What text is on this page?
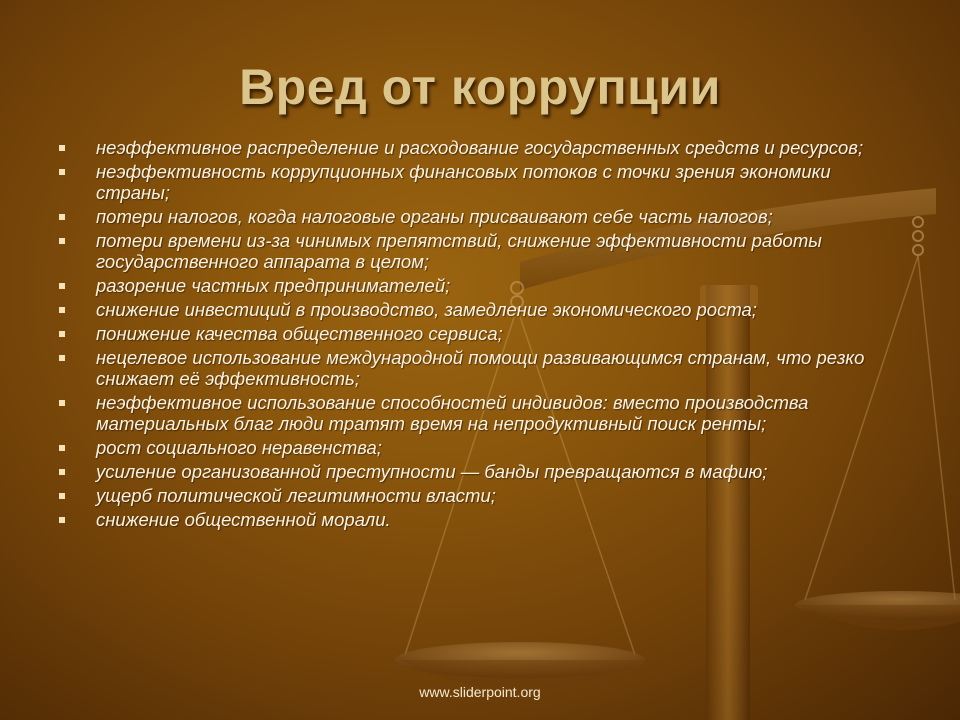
Вред от коррупции
неэффективное распределение и расходование государственных средств и ресурсов;
неэффективность коррупционных финансовых потоков с точки зрения экономики страны;
потери налогов, когда налоговые органы присваивают себе часть налогов;
потери времени из-за чинимых препятствий, снижение эффективности работы государственного аппарата в целом;
разорение частных предпринимателей;
снижение инвестиций в производство, замедление экономического роста;
понижение качества общественного сервиса;
нецелевое использование международной помощи развивающимся странам, что резко снижает её эффективность;
неэффективное использование способностей индивидов: вместо производства материальных благ люди тратят время на непродуктивный поиск ренты;
рост социального неравенства;
усиление организованной преступности — банды превращаются в мафию;
ущерб политической легитимности власти;
снижение общественной морали.
www.sliderpoint.org
